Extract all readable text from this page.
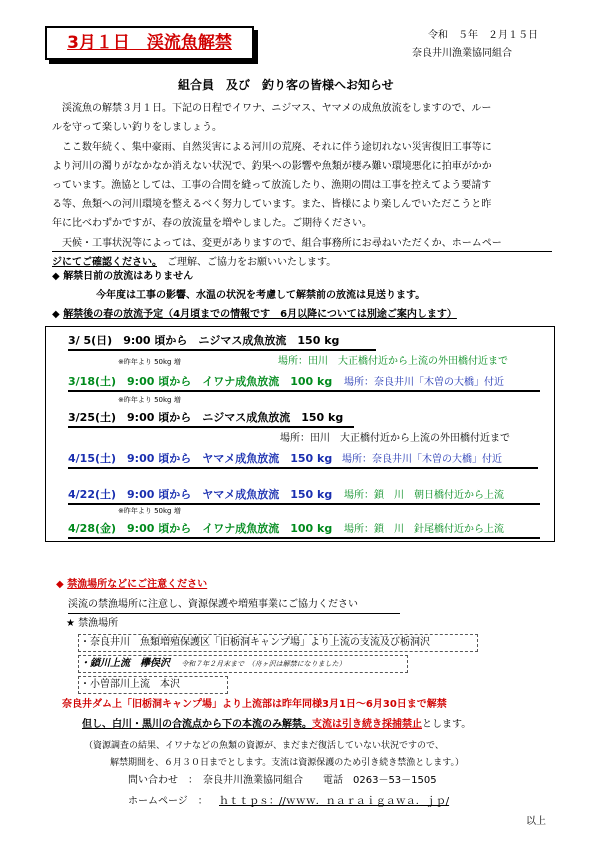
3月１日　渓流魚解禁	令和　５年　２月１５日
奈良井川漁業協同組合
組合員　及び　釣り客の皆様へお知らせ
渓流魚の解禁３月１日。下記の日程でイワナ、ニジマス、ヤマメの成魚放流をしますので、ルー
ルを守って楽しい釣りをしましょう。
ここ数年続く、集中豪雨、自然災害による河川の荒廃、それに伴う途切れない災害復旧工事等に
より河川の濁りがなかなか消えない状況で、釣果への影響や魚類が棲み難い環境悪化に拍車がかか
っています。漁協としては、工事の合間を縫って放流したり、漁期の間は工事を控えてよう要請す
る等、魚類への河川環境を整えるべく努力しています。また、皆様により楽しんでいただこうと昨
年に比べわずかですが、春の放流量を増やしました。ご期待ください。
天候・工事状況等によっては、変更がありますので、組合事務所にお尋ねいただくか、ホームペー
ジにてご確認ください。　ご理解、ご協力をお願いいたします。
◆ 解禁日前の放流はありません
今年度は工事の影響、水温の状況を考慮して解禁前の放流は見送ります。
◆ 解禁後の春の放流予定（4月頃までの情報です　6月以降については別途ご案内します）
3/ 5(日)　9:00 頃から　ニジマス成魚放流　150 kg
※昨年より 50kg 増	場所：田川　大正橋付近から上流の外田橋付近まで
3/18(土)　9:00 頃から　イワナ成魚放流　100 kg 場所：奈良井川「木曽の大橋」付近
※昨年より 50kg 増
3/25(土)　9:00 頃から　ニジマス成魚放流　150 kg
場所：田川　大正橋付近から上流の外田橋付近まで
4/15(土)　9:00 頃から　ヤマメ成魚放流　150 kg 場所：奈良井川「木曽の大橋」付近
4/22(土)　9:00 頃から　ヤマメ成魚放流　150 kg 場所：鎖　川　朝日橋付近から上流
※昨年より 50kg 増
4/28(金)　9:00 頃から　イワナ成魚放流　100 kg 場所：鎖　川　針尾橋付近から上流
◆ 禁漁場所などにご注意ください
渓流の禁漁場所に注意し、資源保護や増殖事業にご協力ください
★ 禁漁場所
・奈良井川　魚類増殖保護区「旧栃洞キャンプ場」より上流の支流及び栃洞沢
・鎖川上流　欅俣沢 令和７年２月末まで　（舟ヶ沢は解禁になりました）
・小曽部川上流　本沢
奈良井ダム上「旧栃洞キャンプ場」より上流部は昨年同様3月1日～6月30日まで解禁
但し、白川・黒川の合流点から下の本流のみ解禁。支流は引き続き採捕禁止とします。
（資源調査の結果、イワナなどの魚類の資源が、まだまだ復活していない状況ですので、
解禁期間を、６月３０日までとします。支流は資源保護のため引き続き禁漁とします。）
問い合わせ　：　奈良井川漁業協同組合　　電話　0263－53－1505
ホームページ　： ｈｔｔｐｓ：//ｗｗｗ．ｎａｒａｉｇａｗａ．ｊｐ/
以上
